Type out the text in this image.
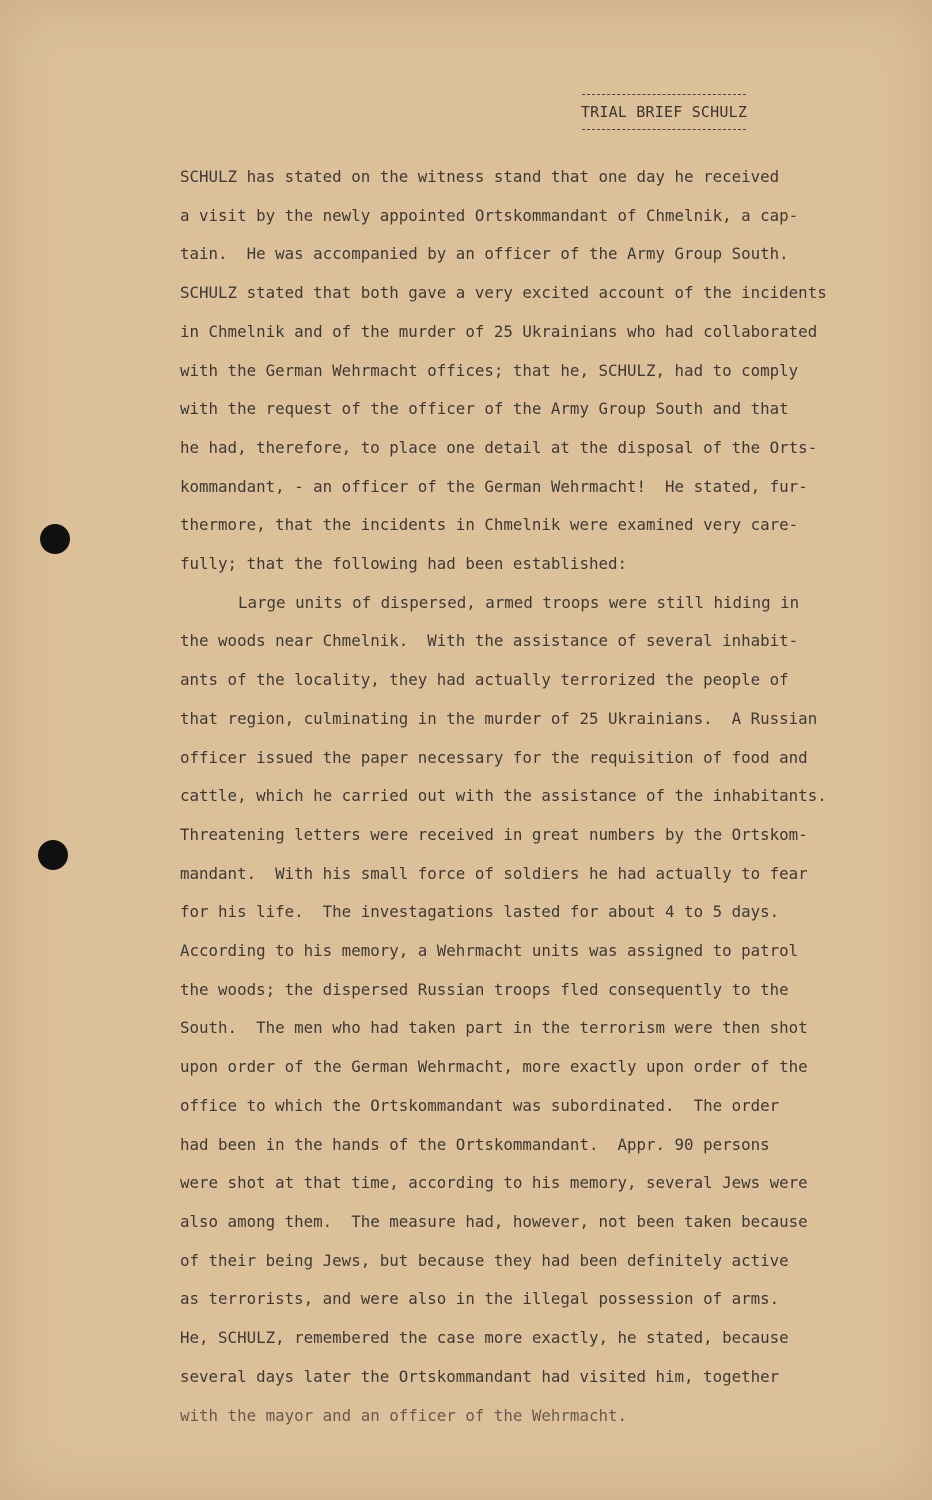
TRIAL BRIEF SCHULZ
SCHULZ has stated on the witness stand that one day he received
a visit by the newly appointed Ortskommandant of Chmelnik, a cap-
tain.  He was accompanied by an officer of the Army Group South.
SCHULZ stated that both gave a very excited account of the incidents
in Chmelnik and of the murder of 25 Ukrainians who had collaborated
with the German Wehrmacht offices; that he, SCHULZ, had to comply
with the request of the officer of the Army Group South and that
he had, therefore, to place one detail at the disposal of the Orts-
kommandant, - an officer of the German Wehrmacht!  He stated, fur-
thermore, that the incidents in Chmelnik were examined very care-
fully; that the following had been established:
Large units of dispersed, armed troops were still hiding in
the woods near Chmelnik.  With the assistance of several inhabit-
ants of the locality, they had actually terrorized the people of
that region, culminating in the murder of 25 Ukrainians.  A Russian
officer issued the paper necessary for the requisition of food and
cattle, which he carried out with the assistance of the inhabitants.
Threatening letters were received in great numbers by the Ortskom-
mandant.  With his small force of soldiers he had actually to fear
for his life.  The investagations lasted for about 4 to 5 days.
According to his memory, a Wehrmacht units was assigned to patrol
the woods; the dispersed Russian troops fled consequently to the
South.  The men who had taken part in the terrorism were then shot
upon order of the German Wehrmacht, more exactly upon order of the
office to which the Ortskommandant was subordinated.  The order
had been in the hands of the Ortskommandant.  Appr. 90 persons
were shot at that time, according to his memory, several Jews were
also among them.  The measure had, however, not been taken because
of their being Jews, but because they had been definitely active
as terrorists, and were also in the illegal possession of arms.
He, SCHULZ, remembered the case more exactly, he stated, because
several days later the Ortskommandant had visited him, together
with the mayor and an officer of the Wehrmacht.
